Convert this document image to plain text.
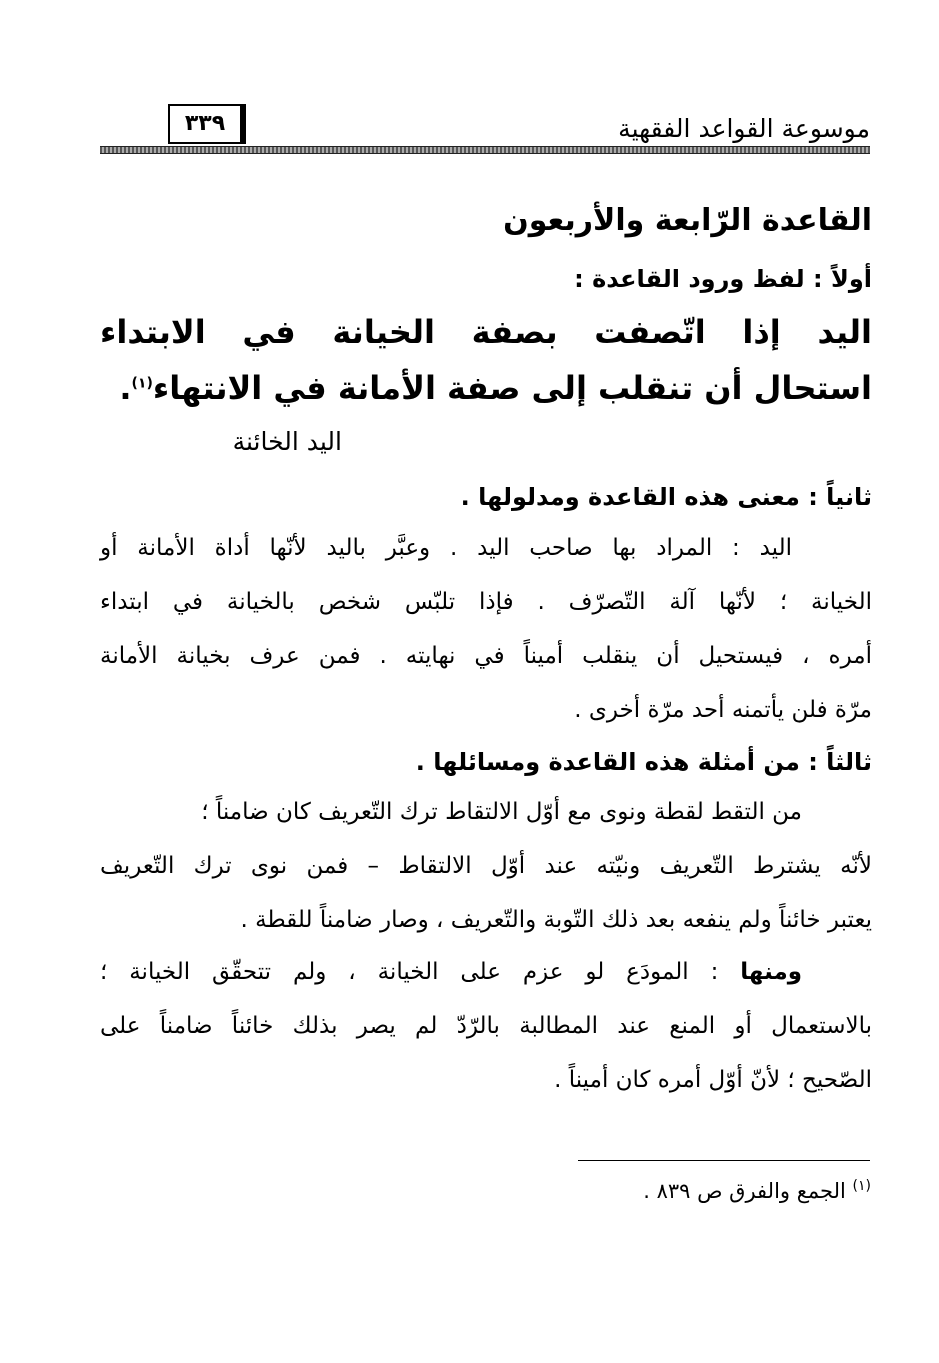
موسوعة القواعد الفقهية
٣٣٩
القاعدة الرّابعة والأربعون
أولاً : لفظ ورود القاعدة :
اليد إذا اتّصفت بصفة الخيانة في الابتداء
استحال أن تنقلب إلى صفة الأمانة في الانتهاء$^{(١)}$.
اليد الخائنة
ثانياً : معنى هذه القاعدة ومدلولها .
اليد : المراد بها صاحب اليد . وعبَّر باليد لأنّها أداة الأمانة أو
الخيانة ؛ لأنّها آلة التّصرّف . فإذا تلبّس شخص بالخيانة في ابتداء
أمره ، فيستحيل أن ينقلب أميناً في نهايته . فمن عرف بخيانة الأمانة
مرّة فلن يأتمنه أحد مرّة أخرى .
ثالثاً : من أمثلة هذه القاعدة ومسائلها .
من التقط لقطة ونوى مع أوّل الالتقاط ترك التّعريف كان ضامناً ؛
لأنّه يشترط التّعريف ونيّته عند أوّل الالتقاط – فمن نوى ترك التّعريف
يعتبر خائناً ولم ينفعه بعد ذلك التّوبة والتّعريف ، وصار ضامناً للقطة .
ومنها : المودَع لو عزم على الخيانة ، ولم تتحقّق الخيانة ؛
بالاستعمال أو المنع عند المطالبة بالرّدّ لم يصر بذلك خائناً ضامناً على
الصّحيح ؛ لأنّ أوّل أمره كان أميناً .
$^{(١)}$ الجمع والفرق ص ٨٣٩ .
